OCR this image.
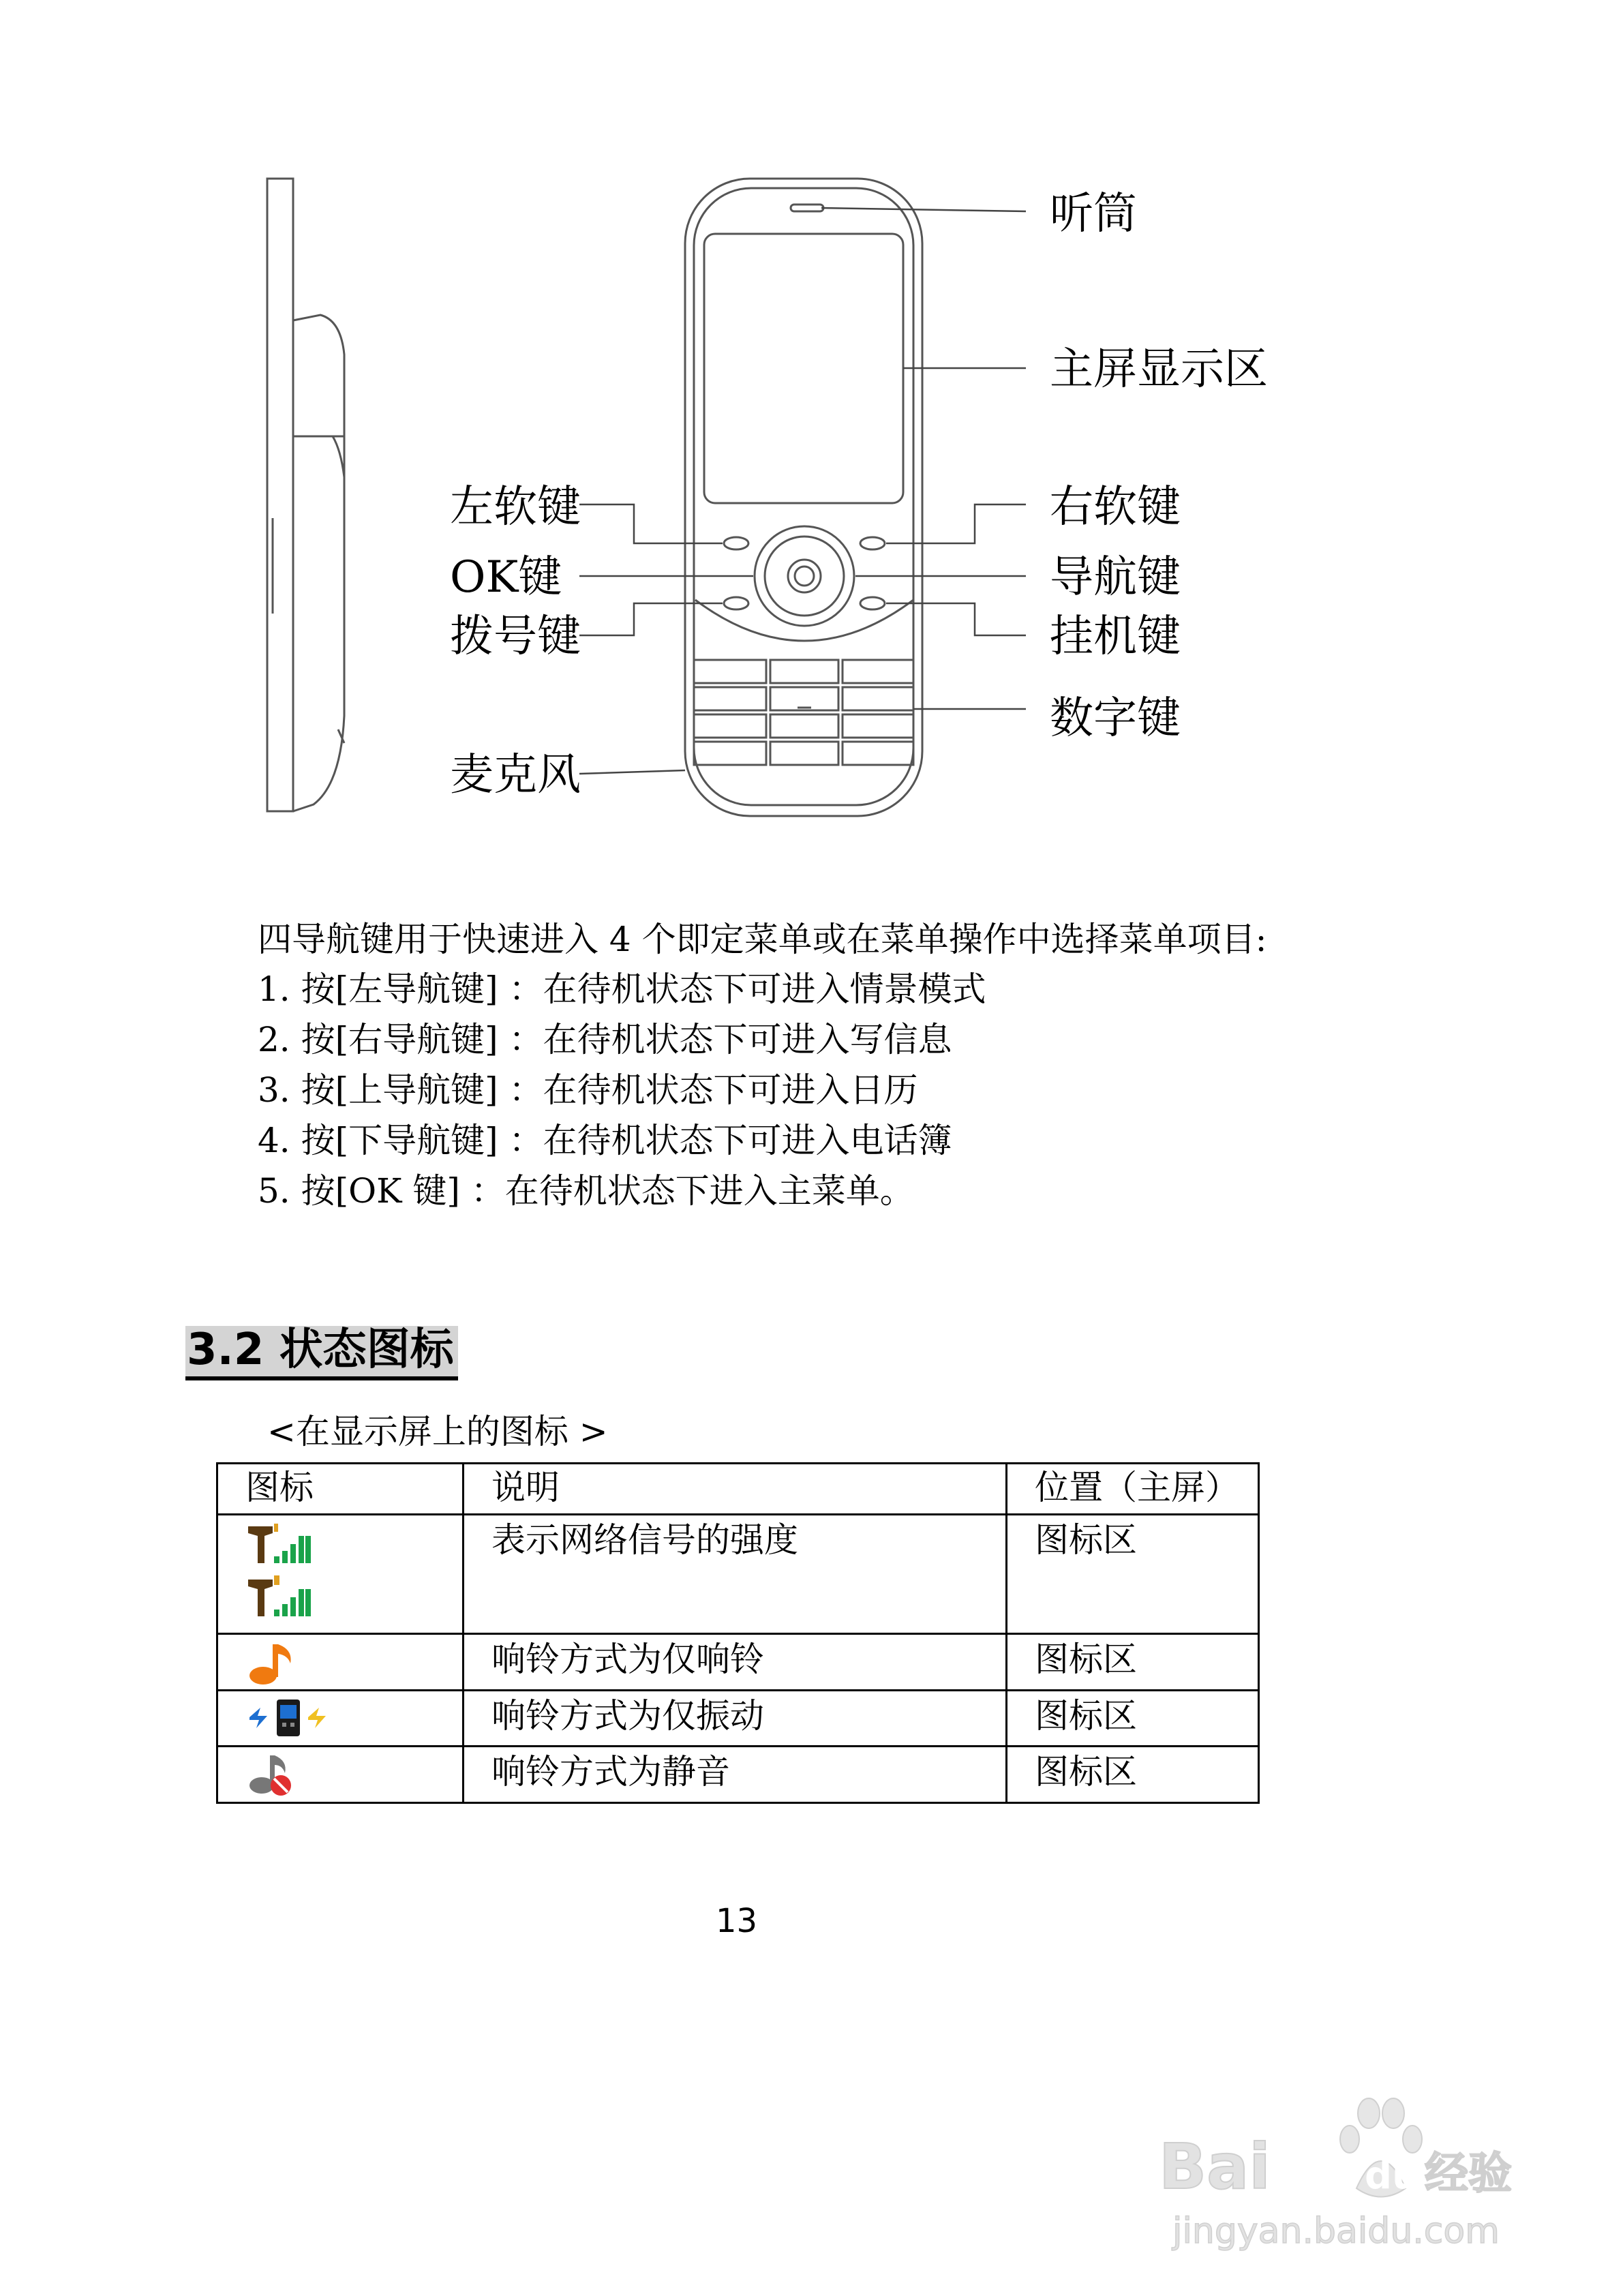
听筒
主屏显示区
左软键	右软键
OK键	导航键
拨号键	挂机键
数字键
麦克风
四导航键用于快速进入 4 个即定菜单或在菜单操作中选择菜单项目:
1. 按[左导航键] ：在待机状态下可进入情景模式
2. 按[右导航键] ：在待机状态下可进入写信息
3. 按[上导航键] ：在待机状态下可进入日历
4. 按[下导航键] ：在待机状态下可进入电话簿
5. 按[OK 键] ：在待机状态下进入主菜单。
3.2 状态图标
<在显示屏上的图标 >
图标	说明	位置（主屏）

	表示网络信号的强度	图标区

	响铃方式为仅响铃	图标区

	响铃方式为仅振动	图标区

	响铃方式为静音	图标区
13
Bai du 经验
jingyan.baidu.com
